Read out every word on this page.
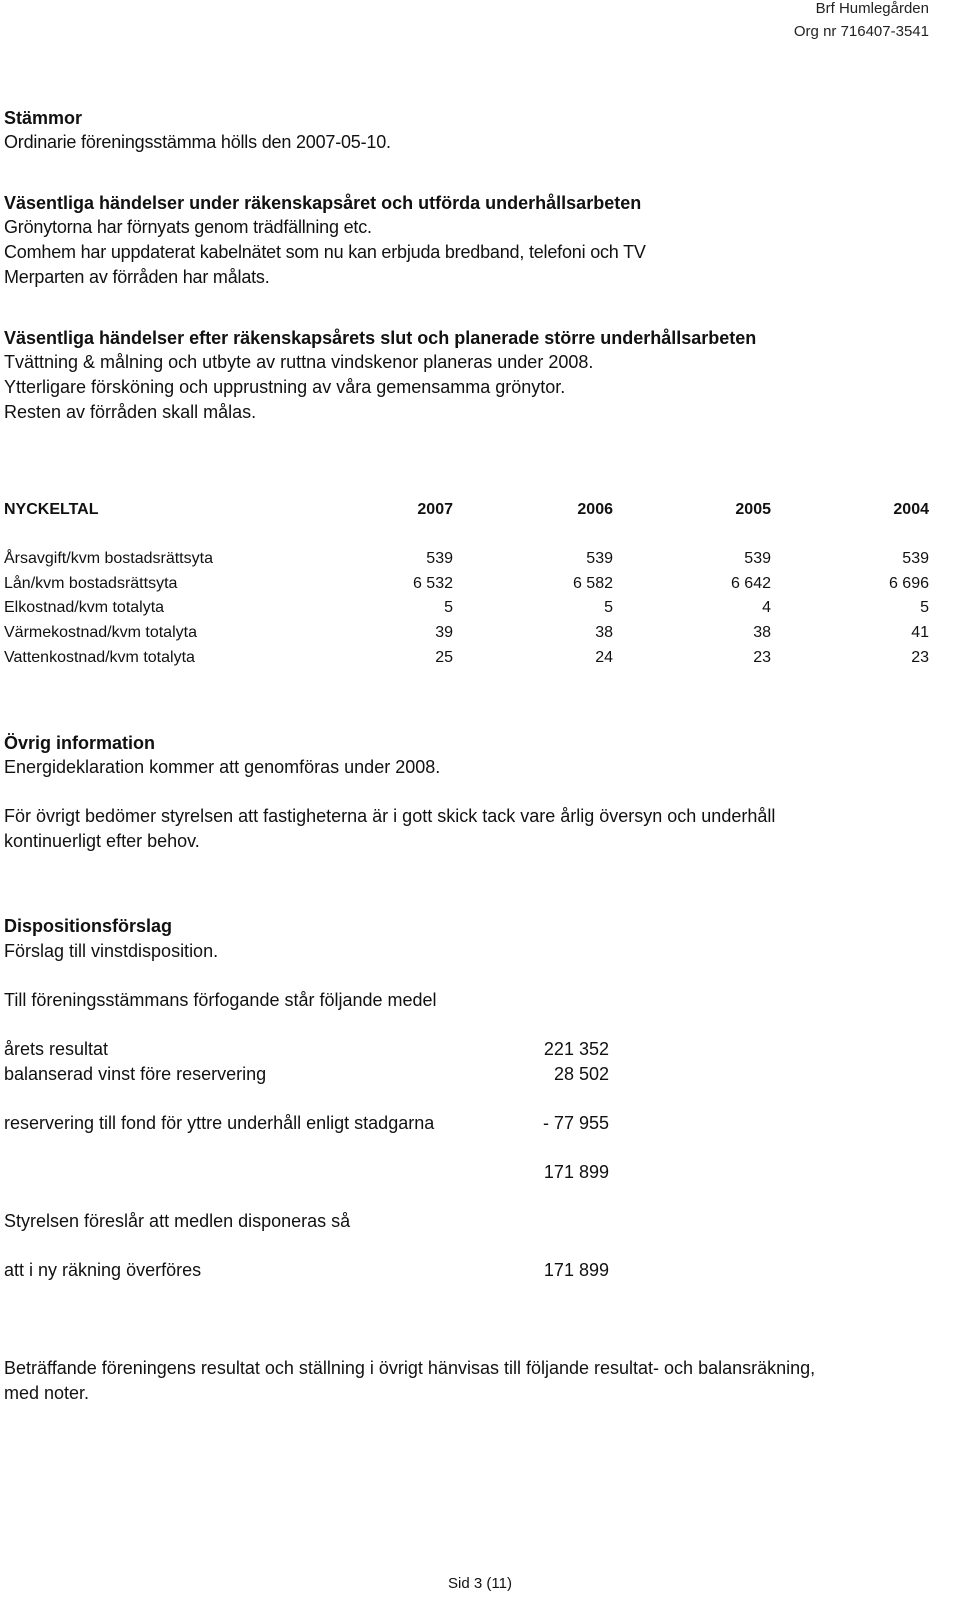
Brf Humlegården
Org nr 716407-3541
Stämmor
Ordinarie föreningsstämma hölls den 2007-05-10.
Väsentliga händelser under räkenskapsåret och utförda underhållsarbeten
Grönytorna har förnyats genom trädfällning etc.
Comhem har uppdaterat kabelnätet som nu kan erbjuda bredband, telefoni och TV
Merparten av förråden har målats.
Väsentliga händelser efter räkenskapsårets slut och planerade större underhållsarbeten
Tvättning & målning och utbyte av ruttna vindskenor planeras under 2008.
Ytterligare försköning och upprustning av våra gemensamma grönytor.
Resten av förråden skall målas.
NYCKELTAL	2007	2006	2005	2004
Årsavgift/kvm bostadsrättsyta	539	539	539	539
Lån/kvm bostadsrättsyta	6 532	6 582	6 642	6 696
Elkostnad/kvm totalyta	5	5	4	5
Värmekostnad/kvm totalyta	39	38	38	41
Vattenkostnad/kvm totalyta	25	24	23	23
Övrig information
Energideklaration kommer att genomföras under 2008.
För övrigt bedömer styrelsen att fastigheterna är i gott skick tack vare årlig översyn och underhåll
kontinuerligt efter behov.
Dispositionsförslag
Förslag till vinstdisposition.
Till föreningsstämmans förfogande står följande medel
årets resultat	221 352
balanserad vinst före reservering	28 502
reservering till fond för yttre underhåll enligt stadgarna	- 77 955
171 899
Styrelsen föreslår att medlen disponeras så
att i ny räkning överföres	171 899
Beträffande föreningens resultat och ställning i övrigt hänvisas till följande resultat- och balansräkning,
med noter.
Sid 3 (11)
